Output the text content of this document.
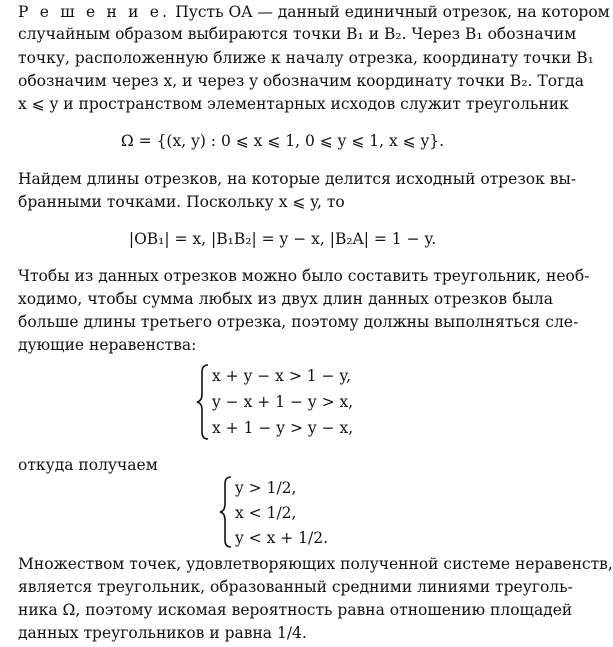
Р е ш е н и е. Пусть OA — данный единичный отрезок, на котором
случайным образом выбираются точки B₁ и B₂. Через B₁ обозначим
точку, расположенную ближе к началу отрезка, координату точки B₁
обозначим через x, и через y обозначим координату точки B₂. Тогда
x ⩽ y и пространством элементарных исходов служит треугольник
Ω = {(x, y) : 0 ⩽ x ⩽ 1, 0 ⩽ y ⩽ 1, x ⩽ y}.
Найдем длины отрезков, на которые делится исходный отрезок вы-
бранными точками. Поскольку x ⩽ y, то
|OB₁| = x, |B₁B₂| = y − x, |B₂A| = 1 − y.
Чтобы из данных отрезков можно было составить треугольник, необ-
ходимо, чтобы сумма любых из двух длин данных отрезков была
больше длины третьего отрезка, поэтому должны выполняться сле-
дующие неравенства:
x + y − x > 1 − y,
y − x + 1 − y > x,
x + 1 − y > y − x,
откуда получаем
y > 1/2,
x < 1/2,
y < x + 1/2.
Множеством точек, удовлетворяющих полученной системе неравенств,
является треугольник, образованный средними линиями треуголь-
ника Ω, поэтому искомая вероятность равна отношению площадей
данных треугольников и равна 1/4.
